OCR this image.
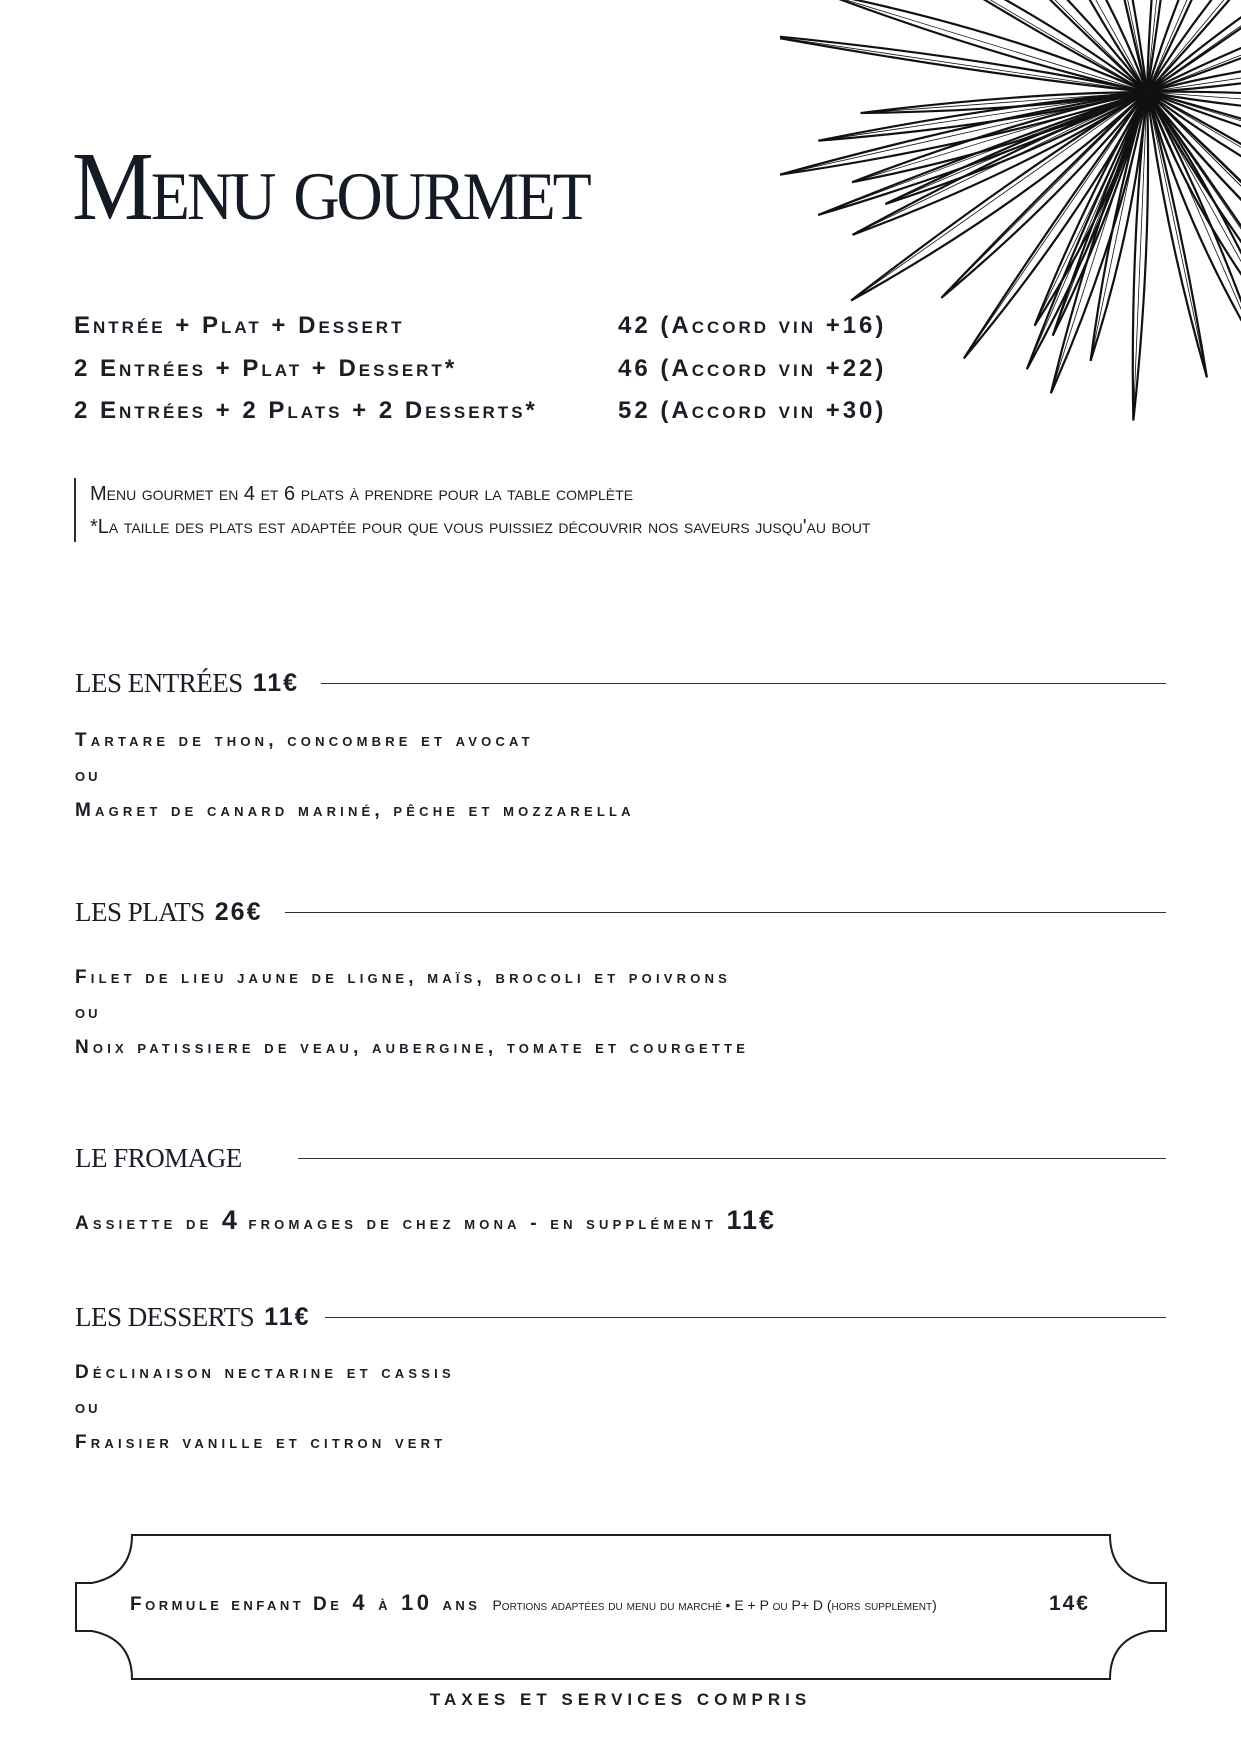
Menu gourmet
Entrée + Plat + Dessert	42 (Accord vin +16)
2 Entrées + Plat + Dessert*	46 (Accord vin +22)
2 Entrées + 2 Plats + 2 Desserts*	52 (Accord vin +30)
Menu gourmet en 4 et 6 plats à prendre pour la table complète
*La taille des plats est adaptée pour que vous puissiez découvrir nos saveurs jusqu'au bout
LES ENTRÉES 11€
Tartare de thon, concombre et avocat
ou
Magret de canard mariné, pêche et mozzarella
LES PLATS 26€
Filet de lieu jaune de ligne, maïs, brocoli et poivrons
ou
Noix patissiere de veau, aubergine, tomate et courgette
LE FROMAGE
Assiette de 4 fromages de chez mona - en supplément 11€
LES DESSERTS 11€
Déclinaison nectarine et cassis
ou
Fraisier vanille et citron vert
Formule enfant De 4 à 10 ans Portions adaptées du menu du marché • E + P ou P+ D (hors supplément)	14€
TAXES ET SERVICES COMPRIS
